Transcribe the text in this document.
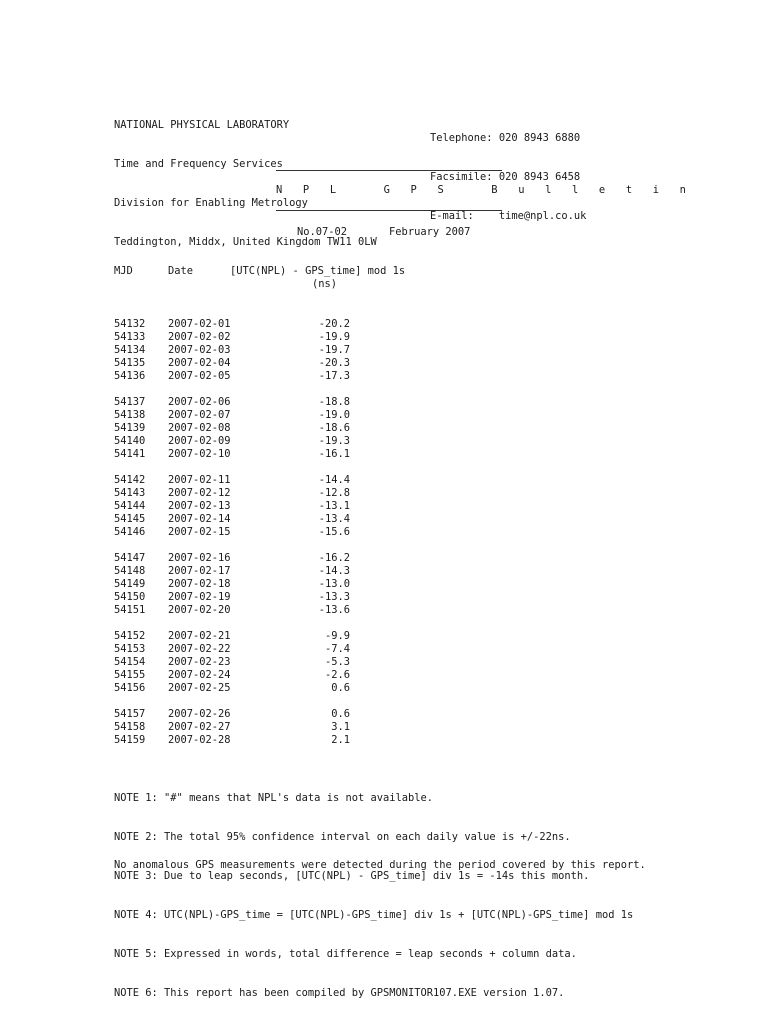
NATIONAL PHYSICAL LABORATORY

Time and Frequency Services

Division for Enabling Metrology

Teddington, Middx, United Kingdom TW11 0LW

Telephone: 020 8943 6880

Facsimile: 020 8943 6458

E-mail:    time@npl.co.uk

N P L   G P S   B u l l e t i n
No.07-02	February 2007
MJD	Date	[UTC(NPL) - GPS_time] mod 1s
(ns)
54132 2007-02-01	-20.2
54133 2007-02-02	-19.9
54134 2007-02-03	-19.7
54135 2007-02-04	-20.3
54136 2007-02-05	-17.3
54137 2007-02-06	-18.8
54138 2007-02-07	-19.0
54139 2007-02-08	-18.6
54140 2007-02-09	-19.3
54141 2007-02-10	-16.1
54142 2007-02-11	-14.4
54143 2007-02-12	-12.8
54144 2007-02-13	-13.1
54145 2007-02-14	-13.4
54146 2007-02-15	-15.6
54147 2007-02-16	-16.2
54148 2007-02-17	-14.3
54149 2007-02-18	-13.0
54150 2007-02-19	-13.3
54151 2007-02-20	-13.6
54152 2007-02-21	-9.9
54153 2007-02-22	-7.4
54154 2007-02-23	-5.3
54155 2007-02-24	-2.6
54156 2007-02-25	0.6
54157 2007-02-26	0.6
54158 2007-02-27	3.1
54159 2007-02-28	2.1

NOTE 1: "#" means that NPL's data is not available.

NOTE 2: The total 95% confidence interval on each daily value is +/-22ns.

NOTE 3: Due to leap seconds, [UTC(NPL) - GPS_time] div 1s = -14s this month.

NOTE 4: UTC(NPL)-GPS_time = [UTC(NPL)-GPS_time] div 1s + [UTC(NPL)-GPS_time] mod 1s

NOTE 5: Expressed in words, total difference = leap seconds + column data.

NOTE 6: This report has been compiled by GPSMONITOR107.EXE version 1.07.

No anomalous GPS measurements were detected during the period covered by this report.
